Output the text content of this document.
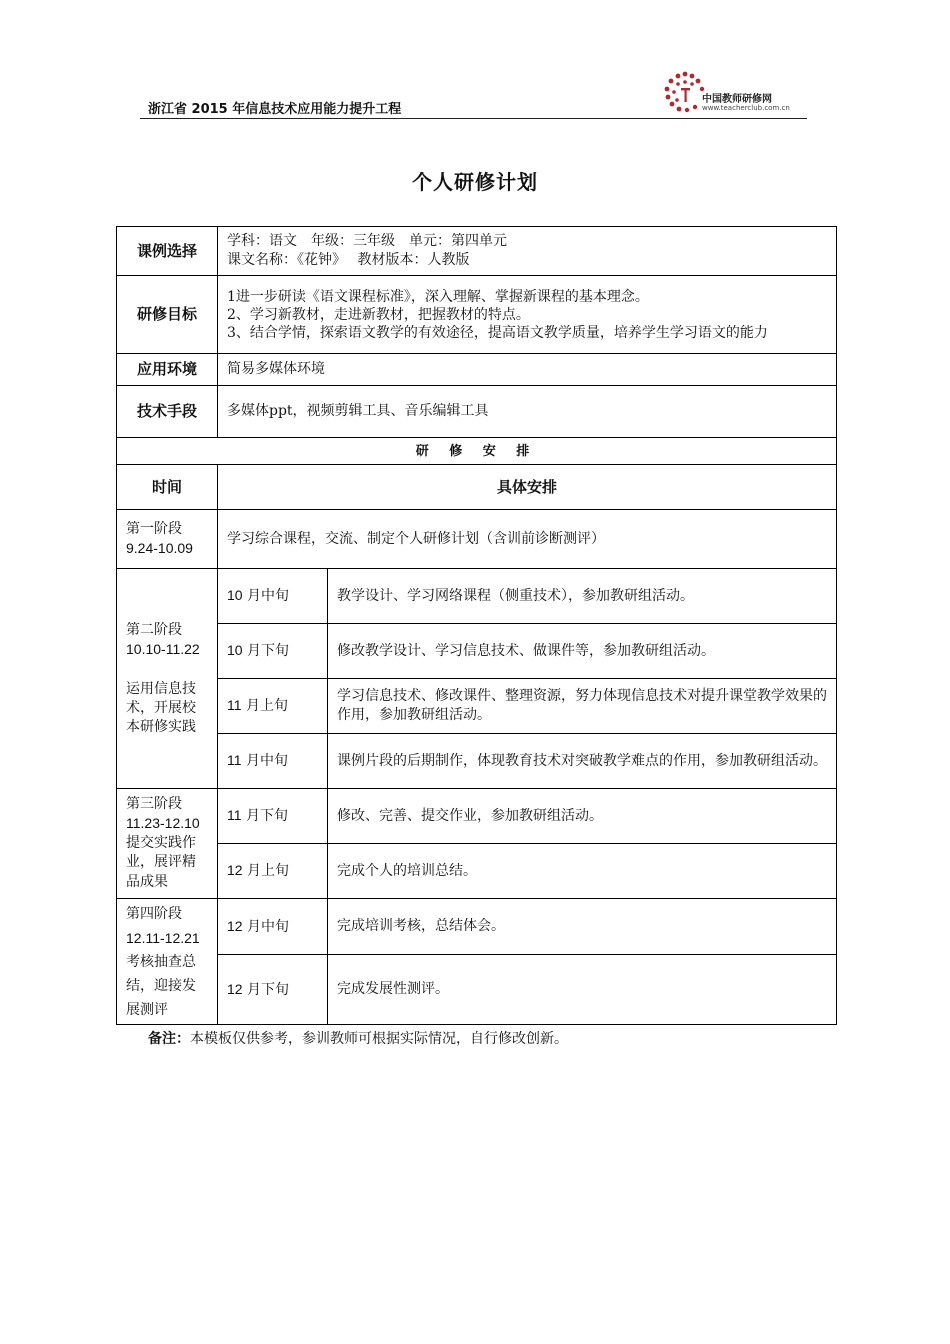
浙江省 2015 年信息技术应用能力提升工程
中国教师研修网
www.teacherclub.com.cn
个人研修计划
课例选择	学科：语文　年级：三年级　单元：第四单元
课文名称：《花钟》　 教材版本：人教版	

研修目标	1进一步研读《语文课程标准》，深入理解、掌握新课程的基本理念。
2、学习新教材，走进新教材，把握教材的特点。
3、结合学情，探索语文教学的有效途径，提高语文教学质量，培养学生学习语文的能力	

应用环境	简易多媒体环境	
技术手段	多媒体ppt，视频剪辑工具、音乐编辑工具	
研 修 安 排		
时间	具体安排	

第一阶段
9.24-10.09	学习综合课程，交流、制定个人研修计划（含训前诊断测评）	

第二阶段
10.10-11.22
运用信息技术，开展校本研修实践	10 月中旬	教学设计、学习网络课程（侧重技术），参加教研组活动。
	10 月下旬	修改教学设计、学习信息技术、做课件等，参加教研组活动。
	11 月上旬	学习信息技术、修改课件、整理资源，努力体现信息技术对提升课堂教学效果的作用，参加教研组活动。
	11 月中旬	课例片段的后期制作，体现教育技术对突破教学难点的作用，参加教研组活动。

第三阶段
11.23-12.10
提交实践作业，展评精品成果	11 月下旬	修改、完善、提交作业，参加教研组活动。
	12 月上旬	完成个人的培训总结。

第四阶段
12.11-12.21
考核抽查总结，迎接发展测评	12 月中旬	完成培训考核，总结体会。
	12 月下旬	完成发展性测评。
备注：本模板仅供参考，参训教师可根据实际情况，自行修改创新。
